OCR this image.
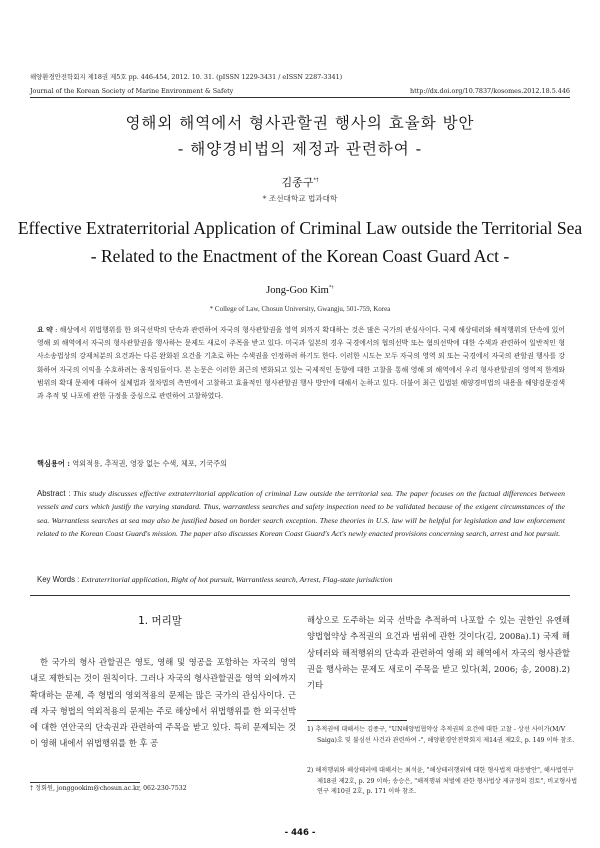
해양환경안전학회지 제18권 제5호 pp. 446-454, 2012. 10. 31. (pISSN 1229-3431 / eISSN 2287-3341)
Journal of the Korean Society of Marine Environment & Safety	http://dx.doi.org/10.7837/kosomes.2012.18.5.446
영해외 해역에서 형사관할권 행사의 효율화 방안
- 해양경비법의 제정과 관련하여 -
김종구*†
* 조선대학교 법과대학
Effective Extraterritorial Application of Criminal Law outside the Territorial Sea
- Related to the Enactment of the Korean Coast Guard Act -
Jong-Goo Kim*†
* College of Law, Chosun University, Gwangju, 501-759, Korea
요 약 : 해상에서 위법행위를 한 외국선박의 단속과 관련하여 자국의 형사관할권을 영역 외까지 확대하는 것은 많은 국가의 관심사이다. 국제 해상테러와 해적행위의 단속에 있어 영해 외 해역에서 자국의 형사관할권을 행사하는 문제도 새로이 주목을 받고 있다. 미국과 일본의 경우 국경에서의 협의선박 또는 혐의선박에 대한 수색과 관련하여 일반적인 형사소송법상의 강제처분의 요건과는 다른 완화된 요건을 기초로 하는 수색권을 인정하려 하기도 한다. 이러한 시도는 모두 자국의 영역 외 또는 국경에서 자국의 관할권 행사를 강화하여 자국의 이익을 수호하려는 움직임들이다. 본 논문은 이러한 최근의 변화되고 있는 국제적인 동향에 대한 고찰을 통해 영해 외 해역에서 우리 형사관할권의 영역적 한계와 범위의 확대 문제에 대하여 실체법과 절차법의 측면에서 고찰하고 효율적인 형사관할권 행사 방안에 대해서 논하고 있다. 더불어 최근 입법된 해양경비법의 내용을 해양검문검색과 추적 및 나포에 관한 규정을 중심으로 관련하여 고찰하였다.
핵심용어 : 역외적용, 추적권, 영장 없는 수색, 체포, 기국주의
Abstract : This study discusses effective extraterritorial application of criminal Law outside the territorial sea. The paper focuses on the factual differences between vessels and cars which justify the varying standard. Thus, warrantless searches and safety inspection need to be validated because of the exigent circumstances of the sea. Warrantless searches at sea may also be justified based on border search exception. These theories in U.S. law will be helpful for legislation and law enforcement related to the Korean Coast Guard's mission. The paper also discusses Korean Coast Guard's Act's newly enacted provisions concerning search, arrest and hot pursuit.
Key Words : Extraterritorial application, Right of hot pursuit, Warrantless search, Arrest, Flag-state jurisdiction
1. 머리말
한 국가의 형사 관할권은 영토, 영해 및 영공을 포함하는 자국의 영역 내로 제한되는 것이 원칙이다. 그러나 자국의 형사관할권을 영역 외에까지 확대하는 문제, 즉 형법의 영외적용의 문제는 많은 국가의 관심사이다. 근래 자국 형법의 역외적용의 문제는 주로 해상에서 위법행위를 한 외국선박에 대한 연안국의 단속권과 관련하여 주목을 받고 있다. 특히 문제되는 것이 영해 내에서 위법행위를 한 후 공
† 정회원, jonggookim@chosun.ac.kr, 062-230-7532
해상으로 도주하는 외국 선박을 추적하여 나포할 수 있는 권한인 유엔해양법협약상 추적권의 요건과 범위에 관한 것이다(김, 2008a).1) 국제 해상테러와 해적행위의 단속과 관련하여 영해 외 해역에서 자국의 형사관할권을 행사하는 문제도 새로이 주목을 받고 있다(최, 2006; 송, 2008).2) 기타
1) 추적권에 대해서는 김종구, "UN해양법협약상 추적권의 요건에 대한 고찰 - 상선 사이가(M/V Saiga)호 및 불심선 사건과 관련하여 -", 해양환경안전학회지 제14권 제2호, p. 149 이하 참조.
2) 해적행위와 해상테러에 대해서는 최석윤, "해상테러행위에 대한 형사법적 대응방안", 해사법연구 제18권 제2호, p. 29 이하; 송승은, "해적행위 처벌에 관한 형사법상 제규정의 검토", 비교형사법연구 제10권 2호, p. 171 이하 참조.
- 446 -
